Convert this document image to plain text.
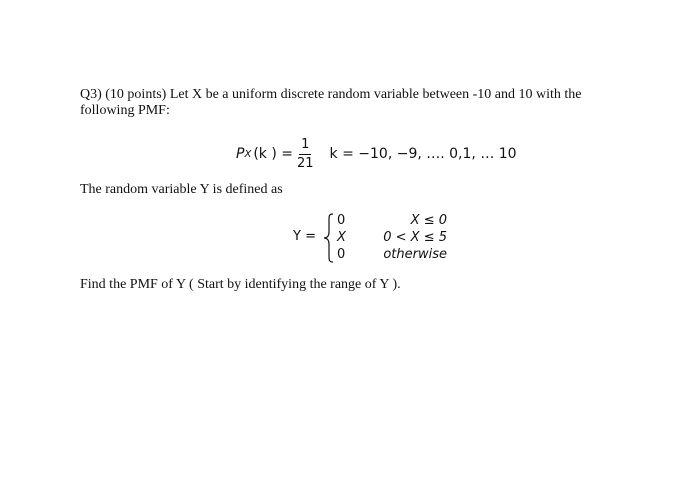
Q3) (10 points) Let X be a uniform discrete random variable between -10 and 10 with the
following PMF:
P X (k ) = $\frac{1}{21}$ k = −10, −9, …. 0,1, … 10
The random variable Y is defined as
Y =
0	X ≤ 0
X	0 < X ≤ 5
0	otherwise
Find the PMF of Y ( Start by identifying the range of Y ).
